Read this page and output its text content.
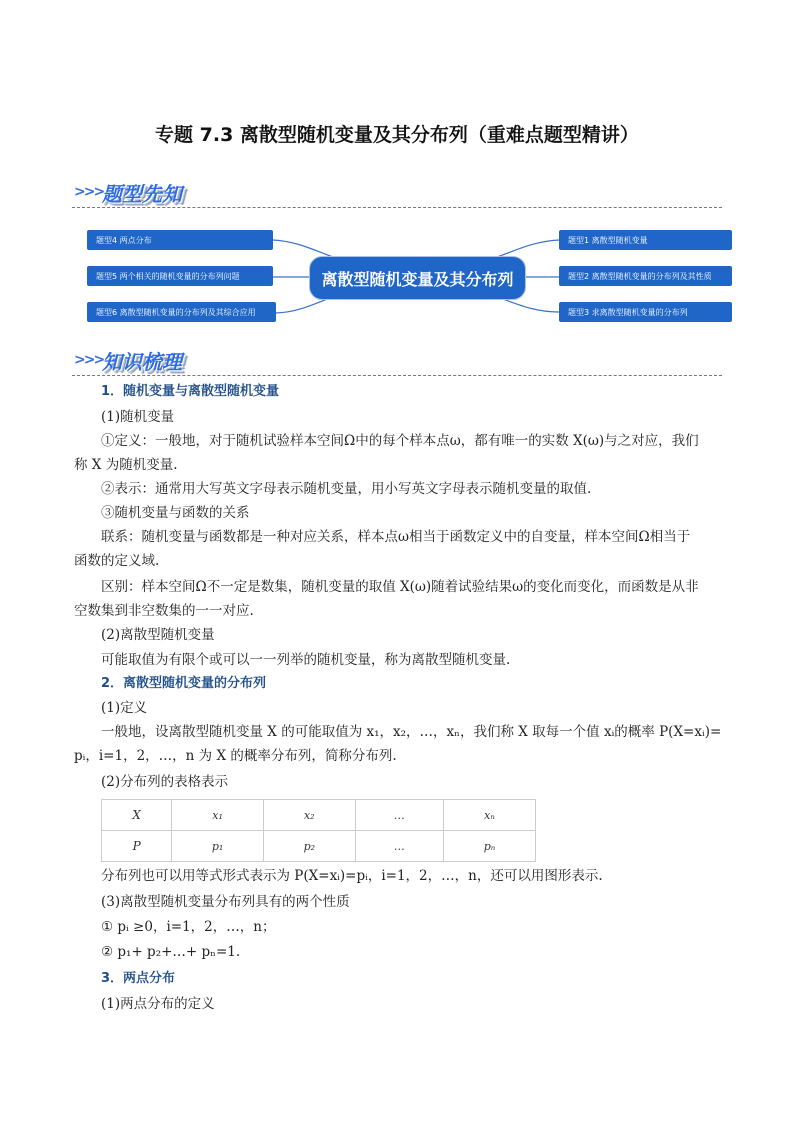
专题 7.3 离散型随机变量及其分布列（重难点题型精讲）
>>>
题型先知
离散型随机变量及其分布列
题型4 两点分布
题型5 两个相关的随机变量的分布列问题
题型6 离散型随机变量的分布列及其综合应用
题型1 离散型随机变量
题型2 离散型随机变量的分布列及其性质
题型3 求离散型随机变量的分布列
>>>
知识梳理
1．随机变量与离散型随机变量
(1)随机变量
①定义：一般地，对于随机试验样本空间Ω中的每个样本点ω，都有唯一的实数 X(ω)与之对应，我们
称 X 为随机变量.
②表示：通常用大写英文字母表示随机变量，用小写英文字母表示随机变量的取值.
③随机变量与函数的关系
联系：随机变量与函数都是一种对应关系，样本点ω相当于函数定义中的自变量，样本空间Ω相当于
函数的定义域.
区别：样本空间Ω不一定是数集，随机变量的取值 X(ω)随着试验结果ω的变化而变化，而函数是从非
空数集到非空数集的一一对应.
(2)离散型随机变量
可能取值为有限个或可以一一列举的随机变量，称为离散型随机变量.
2．离散型随机变量的分布列
(1)定义
一般地，设离散型随机变量 X 的可能取值为 x₁，x₂，…，xₙ，我们称 X 取每一个值 xᵢ的概率 P(X=xᵢ)=
pᵢ，i=1，2，…，n 为 X 的概率分布列，简称分布列.
(2)分布列的表格表示
分布列也可以用等式形式表示为 P(X=xᵢ)=pᵢ，i=1，2，…，n，还可以用图形表示.
(3)离散型随机变量分布列具有的两个性质
① pᵢ ≥0，i=1，2，…，n；
② p₁+ p₂+…+ pₙ=1.
3．两点分布
(1)两点分布的定义
X	x₁	x₂	…	xₙ
P	p₁	p₂	…	pₙ
